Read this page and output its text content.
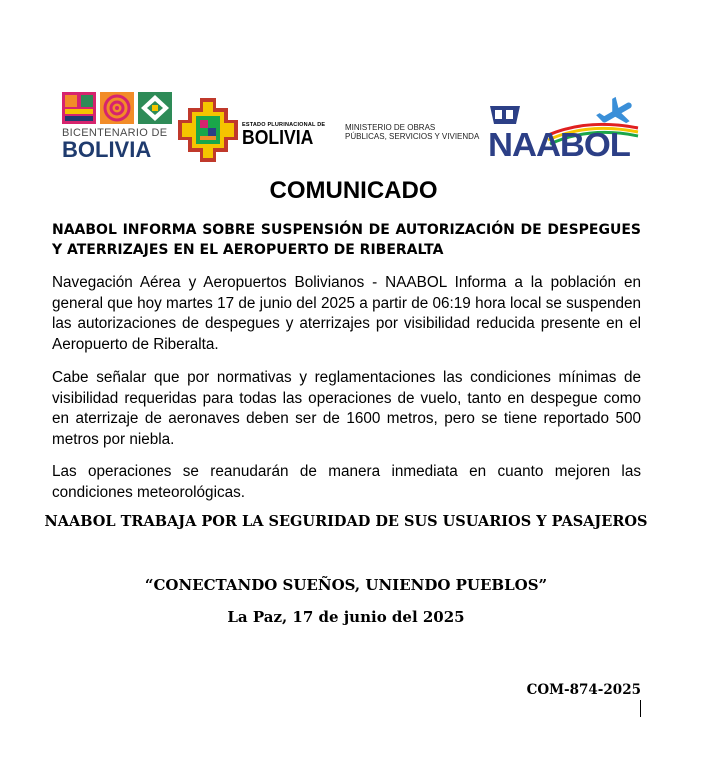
BICENTENARIO DE
BOLIVIA
ESTADO PLURINACIONAL DE
BOLIVIA	MINISTERIO DE OBRAS
PÚBLICAS, SERVICIOS Y VIVIENDA NAABOL
COMUNICADO
NAABOL INFORMA SOBRE SUSPENSIÓN DE AUTORIZACIÓN DE DESPEGUES Y ATERRIZAJES EN EL AEROPUERTO DE RIBERALTA

Navegación Aérea y Aeropuertos Bolivianos - NAABOL Informa a la población en general que hoy martes 17 de junio del 2025 a partir de 06:19 hora local se suspenden las autorizaciones de despegues y aterrizajes por visibilidad reducida presente en el Aeropuerto de Riberalta.

Cabe señalar que por normativas y reglamentaciones las condiciones mínimas de visibilidad requeridas para todas las operaciones de vuelo, tanto en despegue como en aterrizaje de aeronaves deben ser de 1600 metros, pero se tiene reportado 500 metros por niebla.

Las operaciones se reanudarán de manera inmediata en cuanto mejoren las condiciones meteorológicas.

NAABOL TRABAJA POR LA SEGURIDAD DE SUS USUARIOS Y PASAJEROS
“CONECTANDO SUEÑOS, UNIENDO PUEBLOS”
La Paz, 17 de junio del 2025
COM-874-2025
